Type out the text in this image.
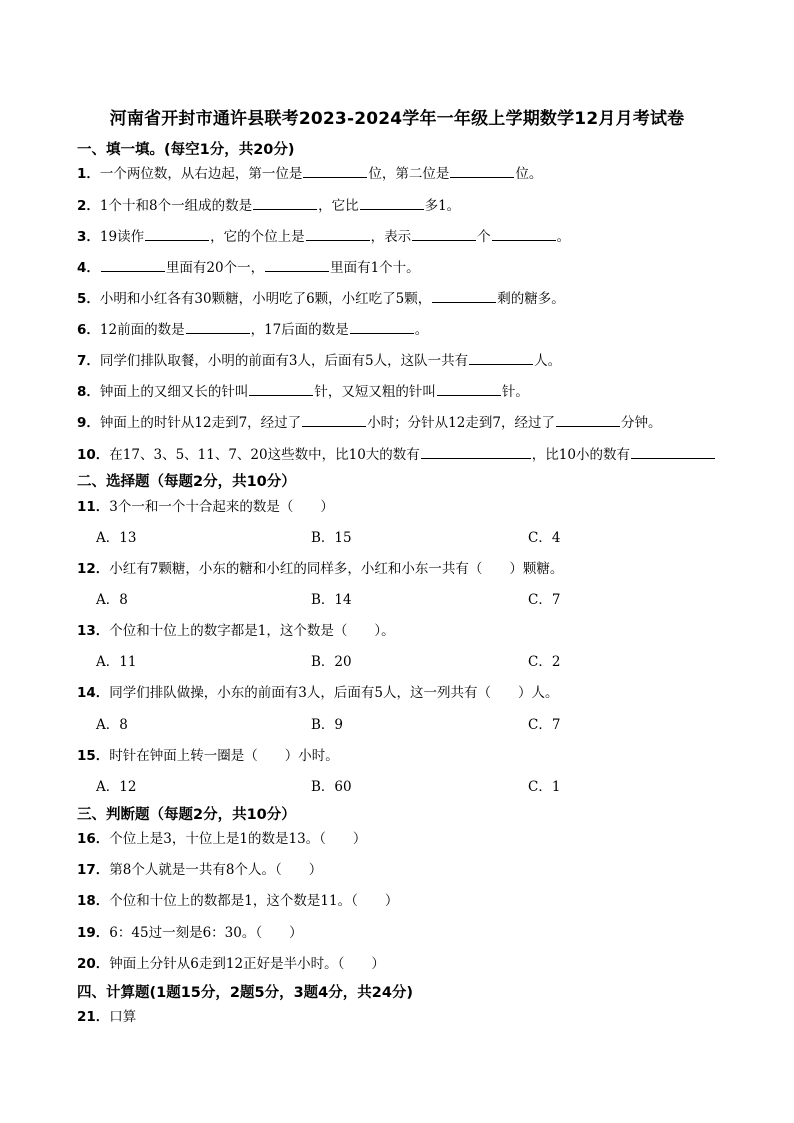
河南省开封市通许县联考2023-2024学年一年级上学期数学12月月考试卷
一、填一填。(每空1分，共20分)
1．一个两位数，从右边起，第一位是	位，第二位是	位。
2．1个十和8个一组成的数是	，它比	多1。
3．19读作	，它的个位上是	，表示	个	。
4．	里面有20个一，	里面有1个十。
5．小明和小红各有30颗糖，小明吃了6颗，小红吃了5颗，	剩的糖多。
6．12前面的数是	，17后面的数是	。
7．同学们排队取餐，小明的前面有3人，后面有5人，这队一共有	人。
8．钟面上的又细又长的针叫	针，又短又粗的针叫	针。
9．钟面上的时针从12走到7，经过了	小时；分针从12走到7，经过了	分钟。
10．在17、3、5、11、7、20这些数中，比10大的数有	，比10小的数有
二、选择题（每题2分，共10分）
11．3个一和一个十合起来的数是（　　）
A．13	B．15	C．4
12．小红有7颗糖，小东的糖和小红的同样多，小红和小东一共有（　　）颗糖。
A．8	B．14	C．7
13．个位和十位上的数字都是1，这个数是（　　）。
A．11	B．20	C．2
14．同学们排队做操，小东的前面有3人，后面有5人，这一列共有（　　）人。
A．8	B．9	C．7
15．时针在钟面上转一圈是（　　）小时。
A．12	B．60	C．1
三、判断题（每题2分，共10分）
16．个位上是3，十位上是1的数是13。（　　）
17．第8个人就是一共有8个人。（　　）
18．个位和十位上的数都是1，这个数是11。（　　）
19．6：45过一刻是6：30。（　　）
20．钟面上分针从6走到12正好是半小时。（　　）
四、计算题(1题15分，2题5分，3题4分，共24分)
21．口算
